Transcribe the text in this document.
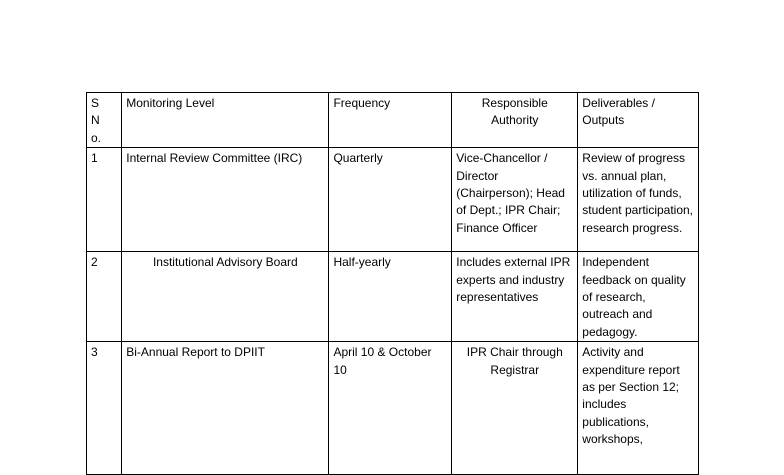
S No.	Monitoring Level	Frequency	Responsible Authority	Deliverables / Outputs

1	Internal Review Committee (IRC)	Quarterly	Vice-Chancellor / Director (Chairperson); Head of Dept.; IPR Chair; Finance Officer	Review of progress vs. annual plan, utilization of funds, student participation, research progress.
2	Institutional Advisory Board	Half-yearly	Includes external IPR experts and industry representatives	Independent feedback on quality of research, outreach and pedagogy.
3	Bi-Annual Report to DPIIT	April 10 & October 10	IPR Chair through Registrar	Activity and expenditure report as per Section 12; includes publications, workshops,
